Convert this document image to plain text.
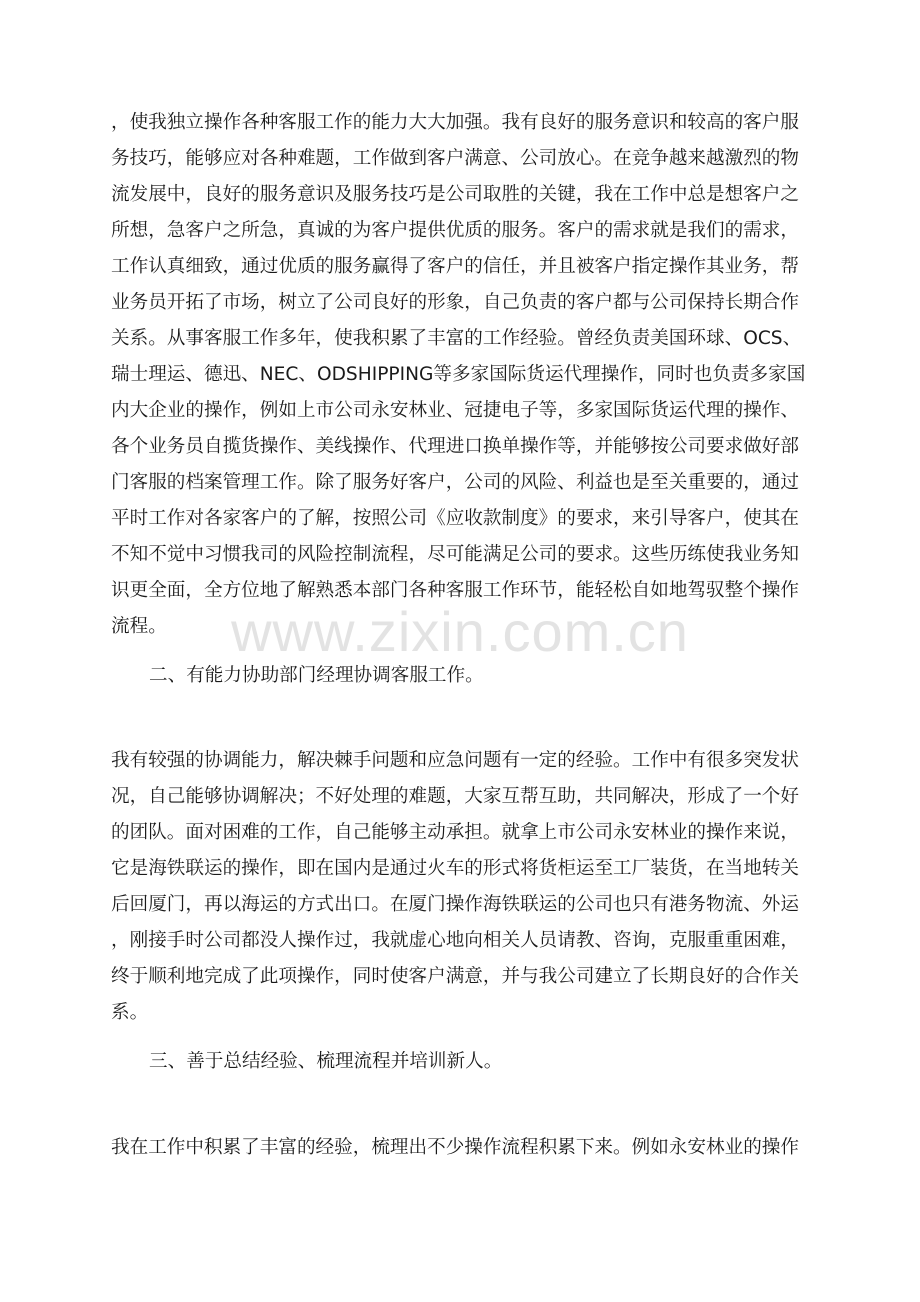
www.zixin.com.cn
，使我独立操作各种客服工作的能力大大加强。我有良好的服务意识和较高的客户服
务技巧，能够应对各种难题，工作做到客户满意、公司放心。在竞争越来越激烈的物
流发展中，良好的服务意识及服务技巧是公司取胜的关键，我在工作中总是想客户之
所想，急客户之所急，真诚的为客户提供优质的服务。客户的需求就是我们的需求，
工作认真细致，通过优质的服务赢得了客户的信任，并且被客户指定操作其业务，帮
业务员开拓了市场，树立了公司良好的形象，自己负责的客户都与公司保持长期合作
关系。从事客服工作多年，使我积累了丰富的工作经验。曾经负责美国环球、OCS、
瑞士理运、德迅、NEC、ODSHIPPING等多家国际货运代理操作，同时也负责多家国
内大企业的操作，例如上市公司永安林业、冠捷电子等，多家国际货运代理的操作、
各个业务员自揽货操作、美线操作、代理进口换单操作等，并能够按公司要求做好部
门客服的档案管理工作。除了服务好客户，公司的风险、利益也是至关重要的，通过
平时工作对各家客户的了解，按照公司《应收款制度》的要求，来引导客户，使其在
不知不觉中习惯我司的风险控制流程，尽可能满足公司的要求。这些历练使我业务知
识更全面，全方位地了解熟悉本部门各种客服工作环节，能轻松自如地驾驭整个操作
流程。
二、有能力协助部门经理协调客服工作。
我有较强的协调能力，解决棘手问题和应急问题有一定的经验。工作中有很多突发状
况，自己能够协调解决；不好处理的难题，大家互帮互助，共同解决，形成了一个好
的团队。面对困难的工作，自己能够主动承担。就拿上市公司永安林业的操作来说，
它是海铁联运的操作，即在国内是通过火车的形式将货柜运至工厂装货，在当地转关
后回厦门，再以海运的方式出口。在厦门操作海铁联运的公司也只有港务物流、外运
，刚接手时公司都没人操作过，我就虚心地向相关人员请教、咨询，克服重重困难，
终于顺利地完成了此项操作，同时使客户满意，并与我公司建立了长期良好的合作关
系。
三、善于总结经验、梳理流程并培训新人。
我在工作中积累了丰富的经验，梳理出不少操作流程积累下来。例如永安林业的操作
